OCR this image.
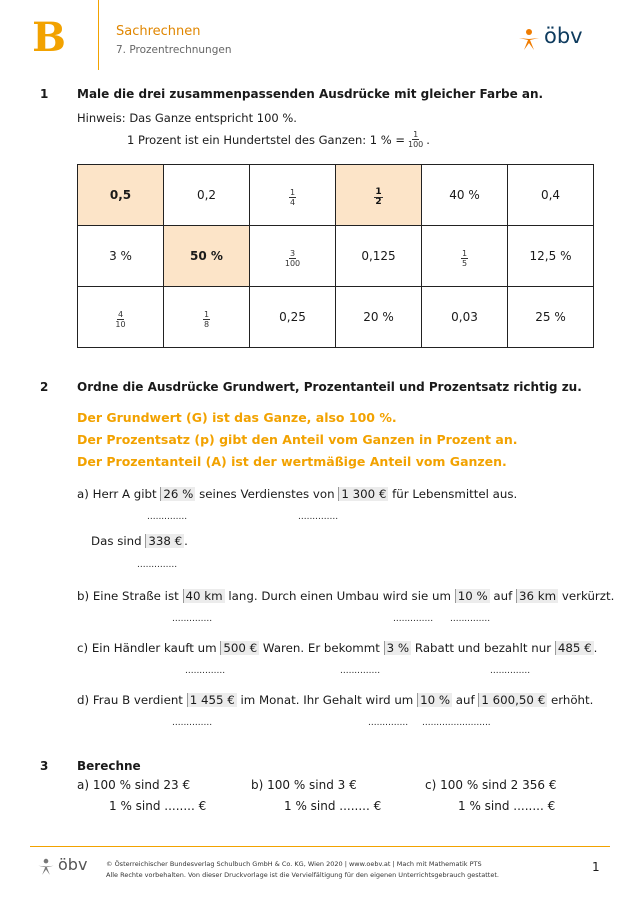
B	Sachrechnen
7. Prozentrechnungen
öbv
1 Male die drei zusammenpassenden Ausdrücke mit gleicher Farbe an.
Hinweis: Das Ganze entspricht 100 %.
1 Prozent ist ein Hundertstel des Ganzen: 1 % = $\frac{1}{100}$ .
0,5	0,2	$\frac{1}{4}$	$\frac{1}{2}$	40 %	0,4
3 %	50 %	$\frac{3}{100}$	0,125	$\frac{1}{5}$	12,5 %

$\frac{4}{10}$	$\frac{1}{8}$	0,25	20 %	0,03	25 %
2 Ordne die Ausdrücke Grundwert, Prozentanteil und Prozentsatz richtig zu.
Der Grundwert (G) ist das Ganze, also 100 %.
Der Prozentsatz (p) gibt den Anteil vom Ganzen in Prozent an.
Der Prozentanteil (A) ist der wertmäßige Anteil vom Ganzen.
a) Herr A gibt 26 % seines Verdienstes von 1 300 € für Lebensmittel aus.
..............	..............
Das sind 338 € .
..............
b) Eine Straße ist 40 km lang. Durch einen Umbau wird sie um 10 % auf 36 km verkürzt.
..............	.............. ..............
c) Ein Händler kauft um 500 € Waren. Er bekommt 3 % Rabatt und bezahlt nur 485 € .
..............	..............	..............
d) Frau B verdient 1 455 € im Monat. Ihr Gehalt wird um 10 % auf 1 600,50 € erhöht.
..............	.............. ........................
3 Berechne
a) 100 % sind 23 €
1 % sind ........ €
b) 100 % sind 3 €
1 % sind ........ €
c) 100 % sind 2 356 €
1 % sind ........ €
öbv	© Österreichischer Bundesverlag Schulbuch GmbH & Co. KG, Wien 2020 | www.oebv.at | Mach mit Mathematik PTS
Alle Rechte vorbehalten. Von dieser Druckvorlage ist die Vervielfältigung für den eigenen Unterrichtsgebrauch gestattet.
1
